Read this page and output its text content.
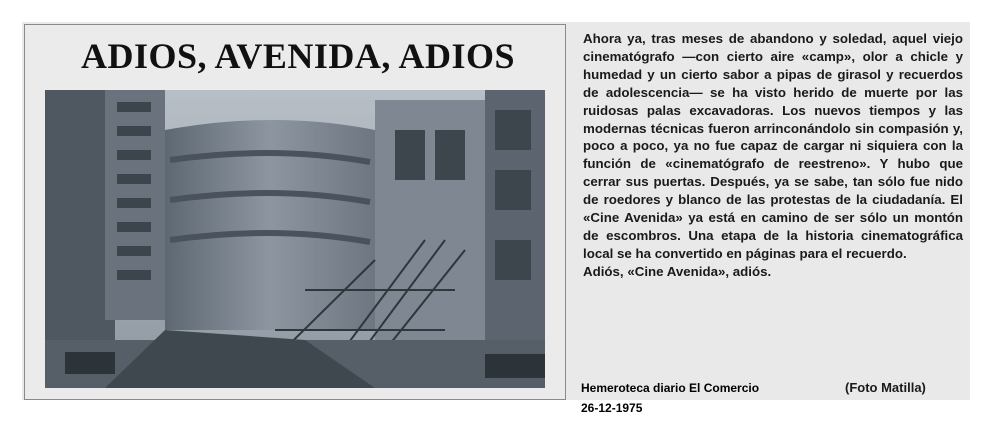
ADIOS, AVENIDA, ADIOS	Ahora ya, tras meses de abandono y soledad, aquel viejo cinematógrafo —con cierto aire «camp», olor a chicle y humedad y un cierto sabor a pipas de girasol y recuerdos de adolescencia— se ha visto herido de muerte por las ruidosas palas excavadoras. Los nuevos tiempos y las modernas técnicas fueron arrinconándolo sin compasión y, poco a poco, ya no fue capaz de cargar ni siquiera con la función de «cinematógrafo de reestreno». Y hubo que cerrar sus puertas. Después, ya se sabe, tan sólo fue nido de roedores y blanco de las protestas de la ciudadanía. El «Cine Avenida» ya está en camino de ser sólo un montón de escombros. Una etapa de la historia cinematográfica local se ha convertido en páginas para el recuerdo.
Adiós, «Cine Avenida», adiós.
Hemeroteca diario El Comercio
26-12-1975
(Foto Matilla)
